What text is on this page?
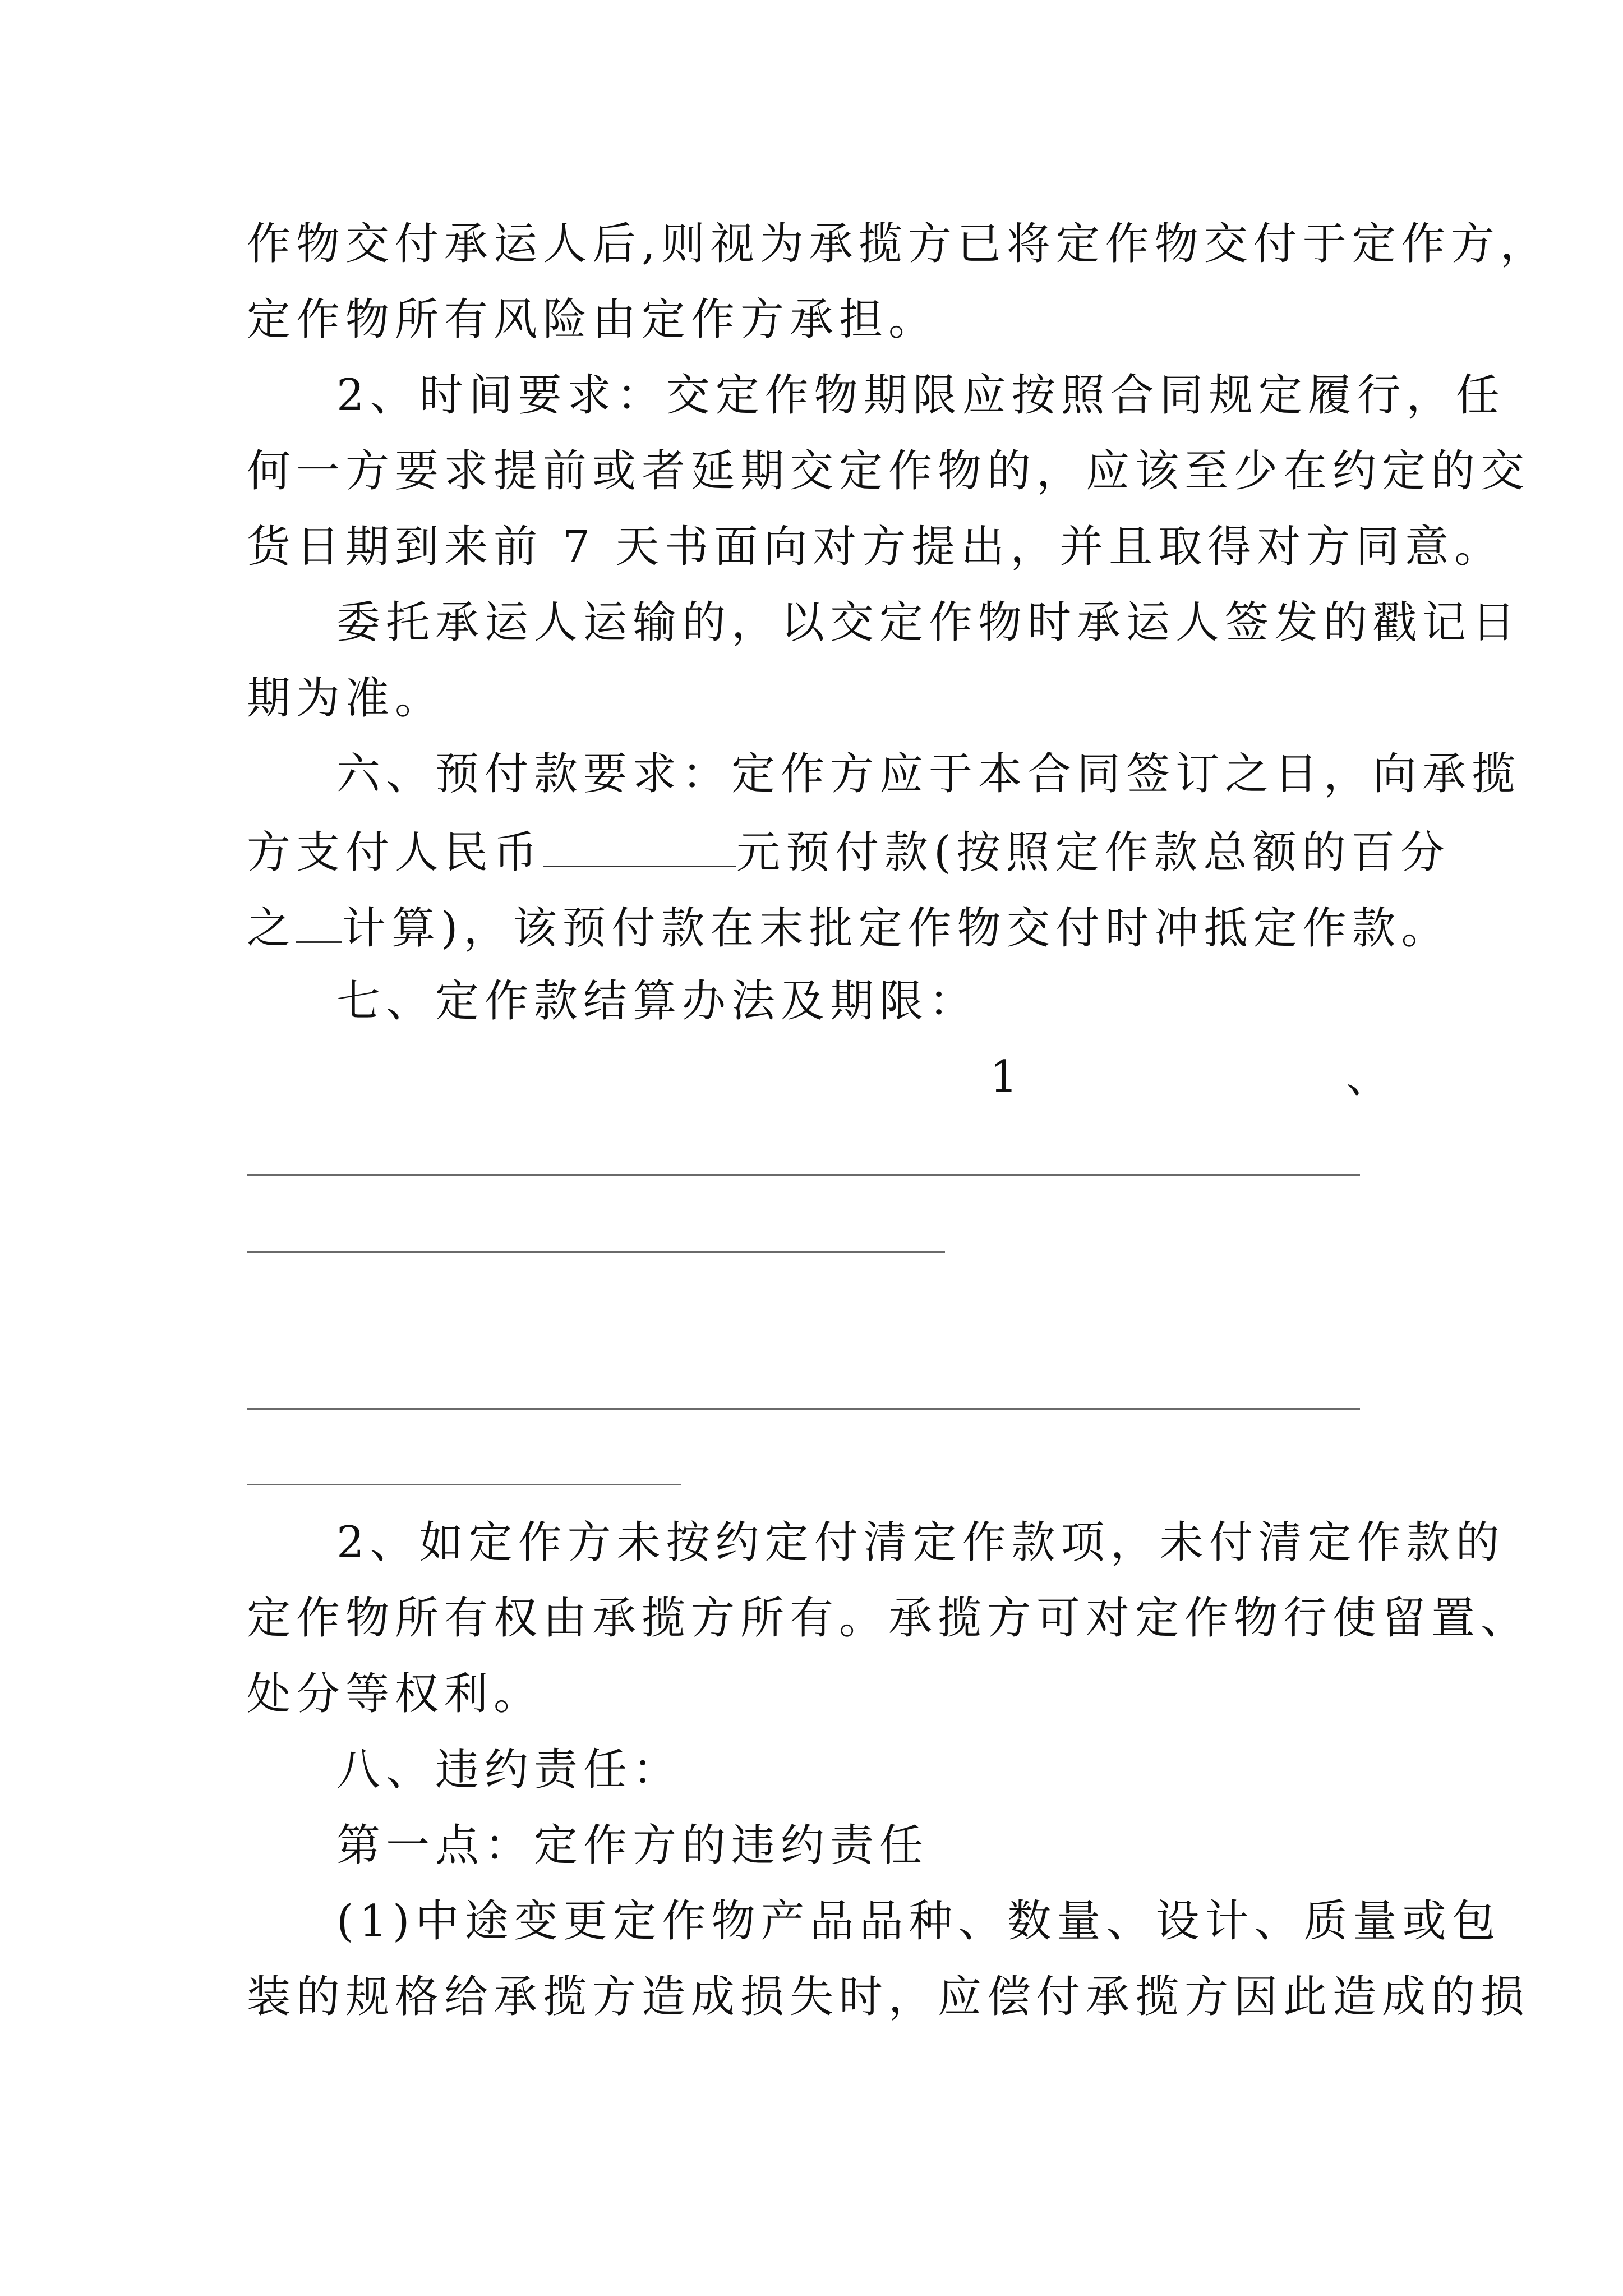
作物交付承运人后,则视为承揽方已将定作物交付于定作方，
定作物所有风险由定作方承担。
2、时间要求：交定作物期限应按照合同规定履行，任
何一方要求提前或者延期交定作物的，应该至少在约定的交
货日期到来前 7 天书面向对方提出，并且取得对方同意。
委托承运人运输的，以交定作物时承运人签发的戳记日
期为准。
六、预付款要求：定作方应于本合同签订之日，向承揽
方支付人民币	元预付款(按照定作款总额的百分
之 计算)，该预付款在末批定作物交付时冲抵定作款。
七、定作款结算办法及期限：
1	、
2、如定作方未按约定付清定作款项，未付清定作款的
定作物所有权由承揽方所有。承揽方可对定作物行使留置、
处分等权利。
八、违约责任：
第一点：定作方的违约责任
(1)中途变更定作物产品品种、数量、设计、质量或包
装的规格给承揽方造成损失时，应偿付承揽方因此造成的损
